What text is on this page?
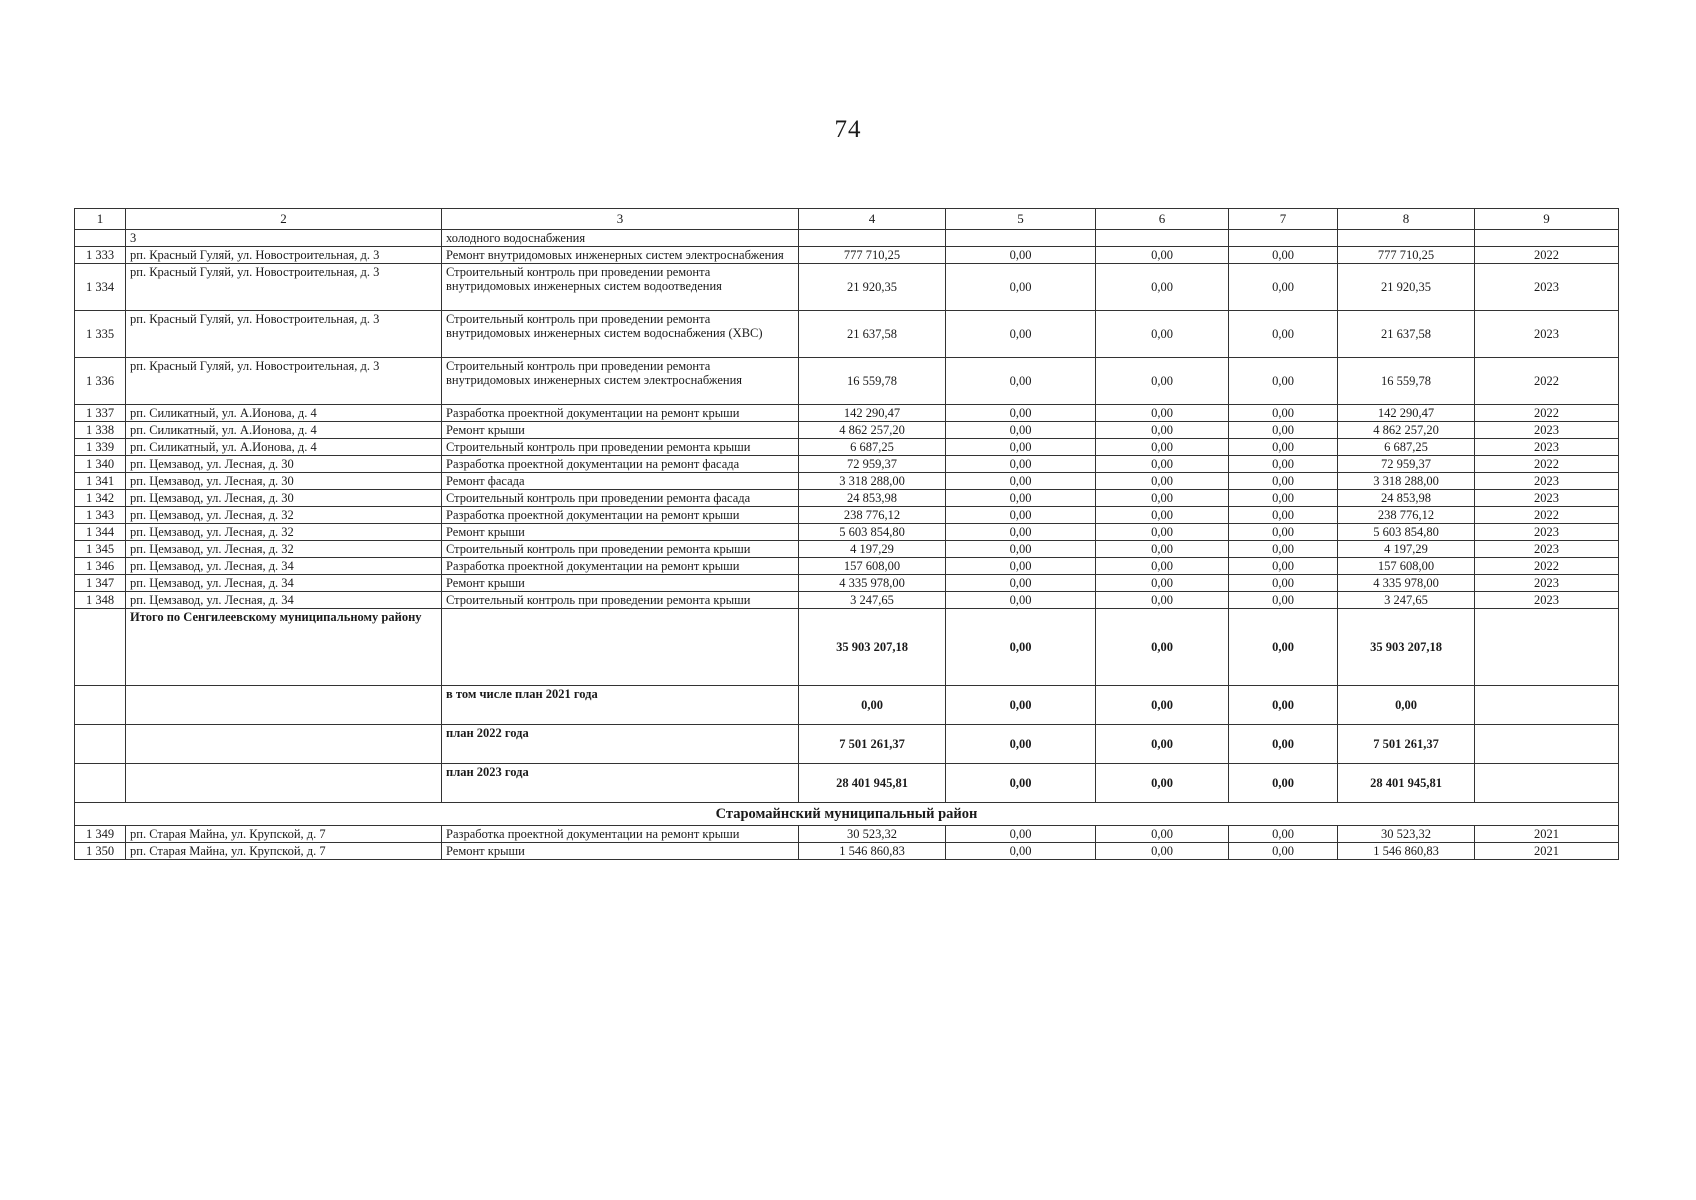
74
1	2	3	4	5	6	7	8	9
	3	холодного водоснабжения						
1 333	рп. Красный Гуляй, ул. Новостроительная, д. 3	Ремонт внутридомовых инженерных систем электроснабжения	777 710,25	0,00	0,00	0,00	777 710,25	2022
1 334	рп. Красный Гуляй, ул. Новостроительная, д. 3	Строительный контроль при проведении ремонта внутридомовых инженерных систем водоотведения	21 920,35	0,00	0,00	0,00	21 920,35	2023
1 335	рп. Красный Гуляй, ул. Новостроительная, д. 3	Строительный контроль при проведении ремонта внутридомовых инженерных систем водоснабжения (ХВС)	21 637,58	0,00	0,00	0,00	21 637,58	2023
1 336	рп. Красный Гуляй, ул. Новостроительная, д. 3	Строительный контроль при проведении ремонта внутридомовых инженерных систем электроснабжения	16 559,78	0,00	0,00	0,00	16 559,78	2022
1 337	рп. Силикатный, ул. А.Ионова, д. 4	Разработка проектной документации на ремонт крыши	142 290,47	0,00	0,00	0,00	142 290,47	2022
1 338	рп. Силикатный, ул. А.Ионова, д. 4	Ремонт крыши	4 862 257,20	0,00	0,00	0,00	4 862 257,20	2023
1 339	рп. Силикатный, ул. А.Ионова, д. 4	Строительный контроль при проведении ремонта крыши	6 687,25	0,00	0,00	0,00	6 687,25	2023
1 340	рп. Цемзавод, ул. Лесная, д. 30	Разработка проектной документации на ремонт фасада	72 959,37	0,00	0,00	0,00	72 959,37	2022
1 341	рп. Цемзавод, ул. Лесная, д. 30	Ремонт фасада	3 318 288,00	0,00	0,00	0,00	3 318 288,00	2023
1 342	рп. Цемзавод, ул. Лесная, д. 30	Строительный контроль при проведении ремонта фасада	24 853,98	0,00	0,00	0,00	24 853,98	2023
1 343	рп. Цемзавод, ул. Лесная, д. 32	Разработка проектной документации на ремонт крыши	238 776,12	0,00	0,00	0,00	238 776,12	2022
1 344	рп. Цемзавод, ул. Лесная, д. 32	Ремонт крыши	5 603 854,80	0,00	0,00	0,00	5 603 854,80	2023
1 345	рп. Цемзавод, ул. Лесная, д. 32	Строительный контроль при проведении ремонта крыши	4 197,29	0,00	0,00	0,00	4 197,29	2023
1 346	рп. Цемзавод, ул. Лесная, д. 34	Разработка проектной документации на ремонт крыши	157 608,00	0,00	0,00	0,00	157 608,00	2022
1 347	рп. Цемзавод, ул. Лесная, д. 34	Ремонт крыши	4 335 978,00	0,00	0,00	0,00	4 335 978,00	2023
1 348	рп. Цемзавод, ул. Лесная, д. 34	Строительный контроль при проведении ремонта крыши	3 247,65	0,00	0,00	0,00	3 247,65	2023
	Итого по Сенгилеевскому муниципальному району		35 903 207,18	0,00	0,00	0,00	35 903 207,18	
		в том числе план 2021 года	0,00	0,00	0,00	0,00	0,00	
		план 2022 года	7 501 261,37	0,00	0,00	0,00	7 501 261,37	
		план 2023 года	28 401 945,81	0,00	0,00	0,00	28 401 945,81	
Старомайнский муниципальный район								
1 349	рп. Старая Майна, ул. Крупской, д. 7	Разработка проектной документации на ремонт крыши	30 523,32	0,00	0,00	0,00	30 523,32	2021
1 350	рп. Старая Майна, ул. Крупской, д. 7	Ремонт крыши	1 546 860,83	0,00	0,00	0,00	1 546 860,83	2021
